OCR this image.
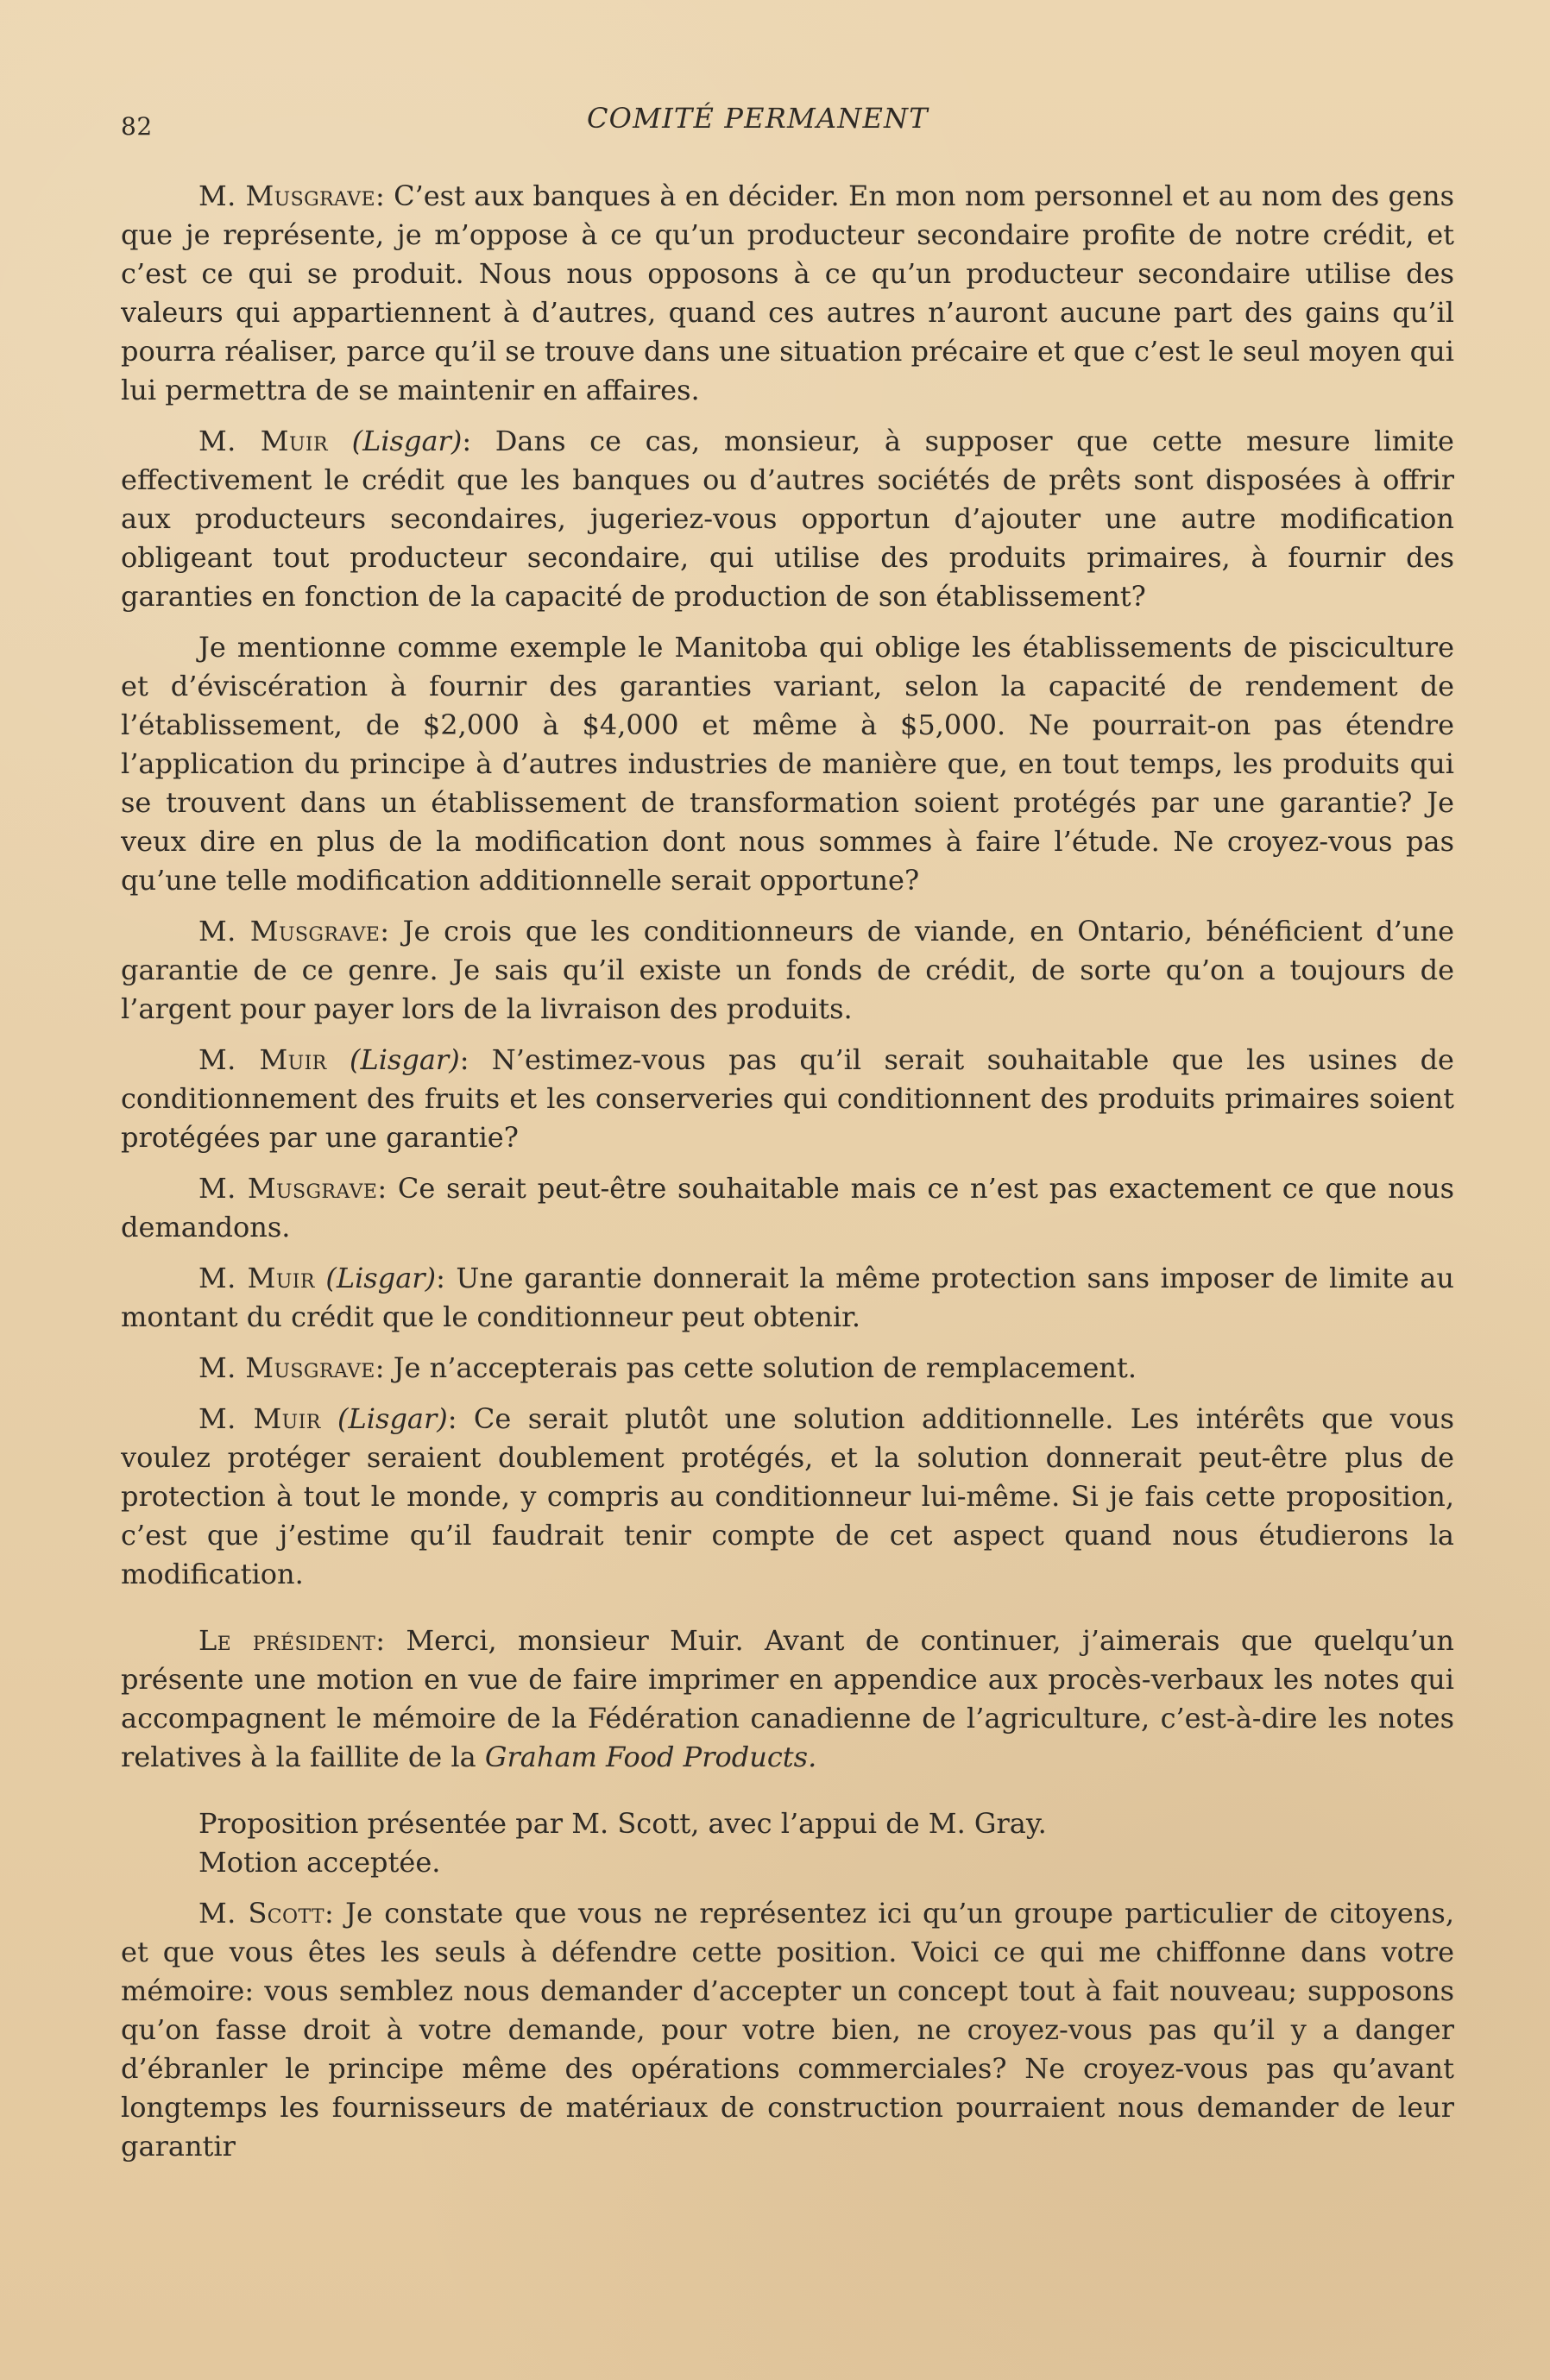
82	COMITÉ PERMANENT

M. Musgrave: C’est aux banques à en décider. En mon nom personnel et au nom des gens que je représente, je m’oppose à ce qu’un producteur secondaire profite de notre crédit, et c’est ce qui se produit. Nous nous opposons à ce qu’un producteur secondaire utilise des valeurs qui appartiennent à d’autres, quand ces autres n’auront aucune part des gains qu’il pourra réaliser, parce qu’il se trouve dans une situation précaire et que c’est le seul moyen qui lui permettra de se maintenir en affaires.

M. Muir (Lisgar): Dans ce cas, monsieur, à supposer que cette mesure limite effectivement le crédit que les banques ou d’autres sociétés de prêts sont disposées à offrir aux producteurs secondaires, jugeriez-vous opportun d’ajouter une autre modification obligeant tout producteur secondaire, qui utilise des produits primaires, à fournir des garanties en fonction de la capacité de production de son établissement?

Je mentionne comme exemple le Manitoba qui oblige les établissements de pisciculture et d’éviscération à fournir des garanties variant, selon la capacité de rendement de l’établissement, de $2,000 à $4,000 et même à $5,000. Ne pourrait-on pas étendre l’application du principe à d’autres industries de manière que, en tout temps, les produits qui se trouvent dans un établissement de transformation soient protégés par une garantie? Je veux dire en plus de la modification dont nous sommes à faire l’étude. Ne croyez-vous pas qu’une telle modification additionnelle serait opportune?

M. Musgrave: Je crois que les conditionneurs de viande, en Ontario, bénéficient d’une garantie de ce genre. Je sais qu’il existe un fonds de crédit, de sorte qu’on a toujours de l’argent pour payer lors de la livraison des produits.

M. Muir (Lisgar): N’estimez-vous pas qu’il serait souhaitable que les usines de conditionnement des fruits et les conserveries qui conditionnent des produits primaires soient protégées par une garantie?

M. Musgrave: Ce serait peut-être souhaitable mais ce n’est pas exactement ce que nous demandons.

M. Muir (Lisgar): Une garantie donnerait la même protection sans imposer de limite au montant du crédit que le conditionneur peut obtenir.

M. Musgrave: Je n’accepterais pas cette solution de remplacement.

M. Muir (Lisgar): Ce serait plutôt une solution additionnelle. Les intérêts que vous voulez protéger seraient doublement protégés, et la solution donnerait peut-être plus de protection à tout le monde, y compris au conditionneur lui-même. Si je fais cette proposition, c’est que j’estime qu’il faudrait tenir compte de cet aspect quand nous étudierons la modification.

Le président: Merci, monsieur Muir. Avant de continuer, j’aimerais que quelqu’un présente une motion en vue de faire imprimer en appendice aux procès-verbaux les notes qui accompagnent le mémoire de la Fédération canadienne de l’agriculture, c’est-à-dire les notes relatives à la faillite de la Graham Food Products.

Proposition présentée par M. Scott, avec l’appui de M. Gray.

Motion acceptée.

M. Scott: Je constate que vous ne représentez ici qu’un groupe particulier de citoyens, et que vous êtes les seuls à défendre cette position. Voici ce qui me chiffonne dans votre mémoire: vous semblez nous demander d’accepter un concept tout à fait nouveau; supposons qu’on fasse droit à votre demande, pour votre bien, ne croyez-vous pas qu’il y a danger d’ébranler le principe même des opérations commerciales? Ne croyez-vous pas qu’avant longtemps les fournisseurs de matériaux de construction pourraient nous demander de leur garantir
